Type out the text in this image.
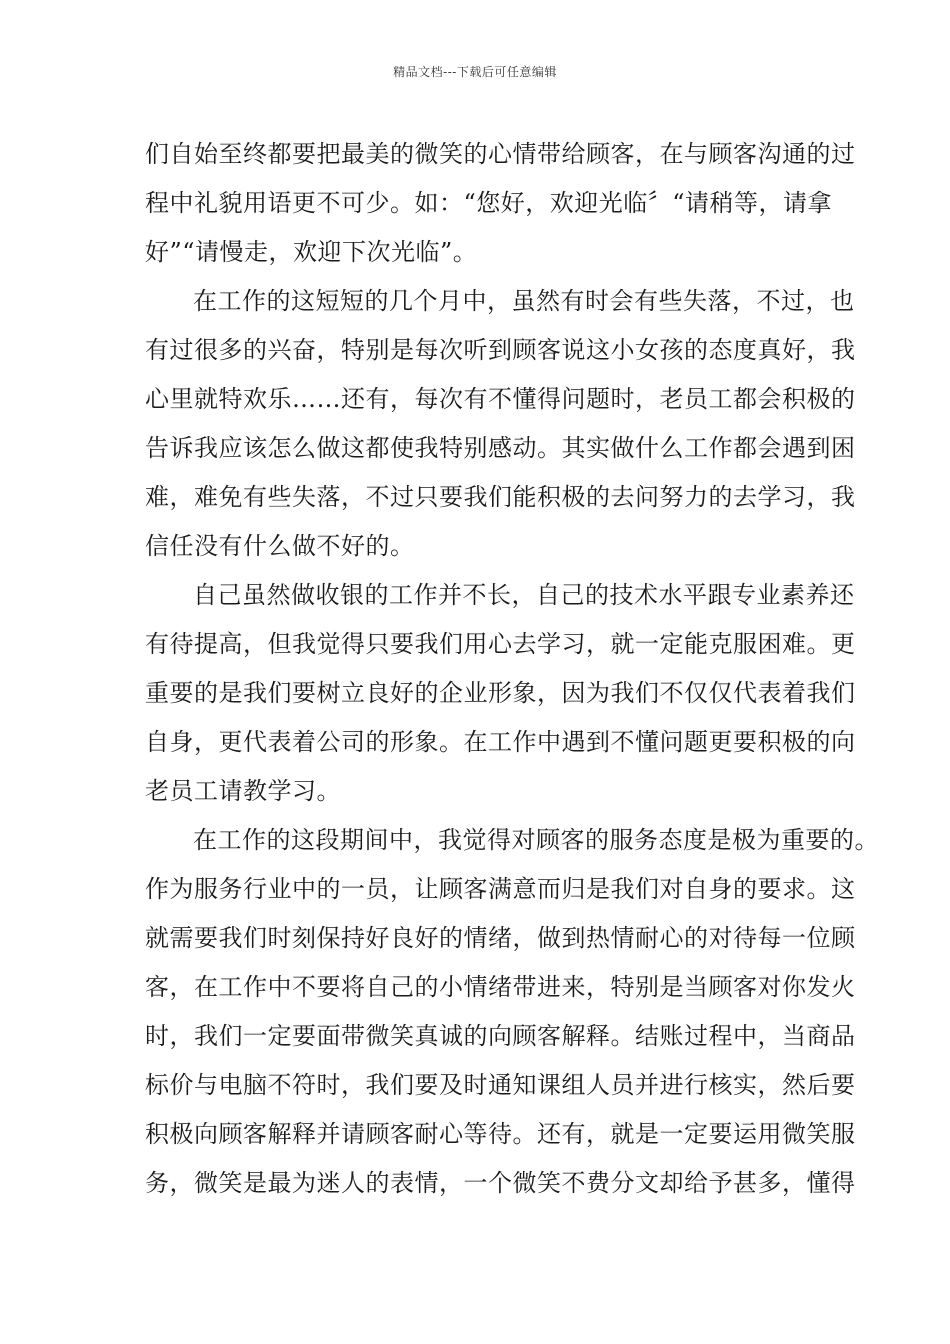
精品文档---下载后可任意编辑
们自始至终都要把最美的微笑的心情带给顾客，在与顾客沟通的过
程中礼貌用语更不可少。如：“您好，欢迎光临〞“请稍等，请拿
好”“请慢走，欢迎下次光临”。
在工作的这短短的几个月中，虽然有时会有些失落，不过，也
有过很多的兴奋，特别是每次听到顾客说这小女孩的态度真好，我
心里就特欢乐……还有，每次有不懂得问题时，老员工都会积极的
告诉我应该怎么做这都使我特别感动。其实做什么工作都会遇到困
难，难免有些失落，不过只要我们能积极的去问努力的去学习，我
信任没有什么做不好的。
自己虽然做收银的工作并不长，自己的技术水平跟专业素养还
有待提高，但我觉得只要我们用心去学习，就一定能克服困难。更
重要的是我们要树立良好的企业形象，因为我们不仅仅代表着我们
自身，更代表着公司的形象。在工作中遇到不懂问题更要积极的向
老员工请教学习。
在工作的这段期间中，我觉得对顾客的服务态度是极为重要的。
作为服务行业中的一员，让顾客满意而归是我们对自身的要求。这
就需要我们时刻保持好良好的情绪，做到热情耐心的对待每一位顾
客，在工作中不要将自己的小情绪带进来，特别是当顾客对你发火
时，我们一定要面带微笑真诚的向顾客解释。结账过程中，当商品
标价与电脑不符时，我们要及时通知课组人员并进行核实，然后要
积极向顾客解释并请顾客耐心等待。还有，就是一定要运用微笑服
务，微笑是最为迷人的表情，一个微笑不费分文却给予甚多，懂得
